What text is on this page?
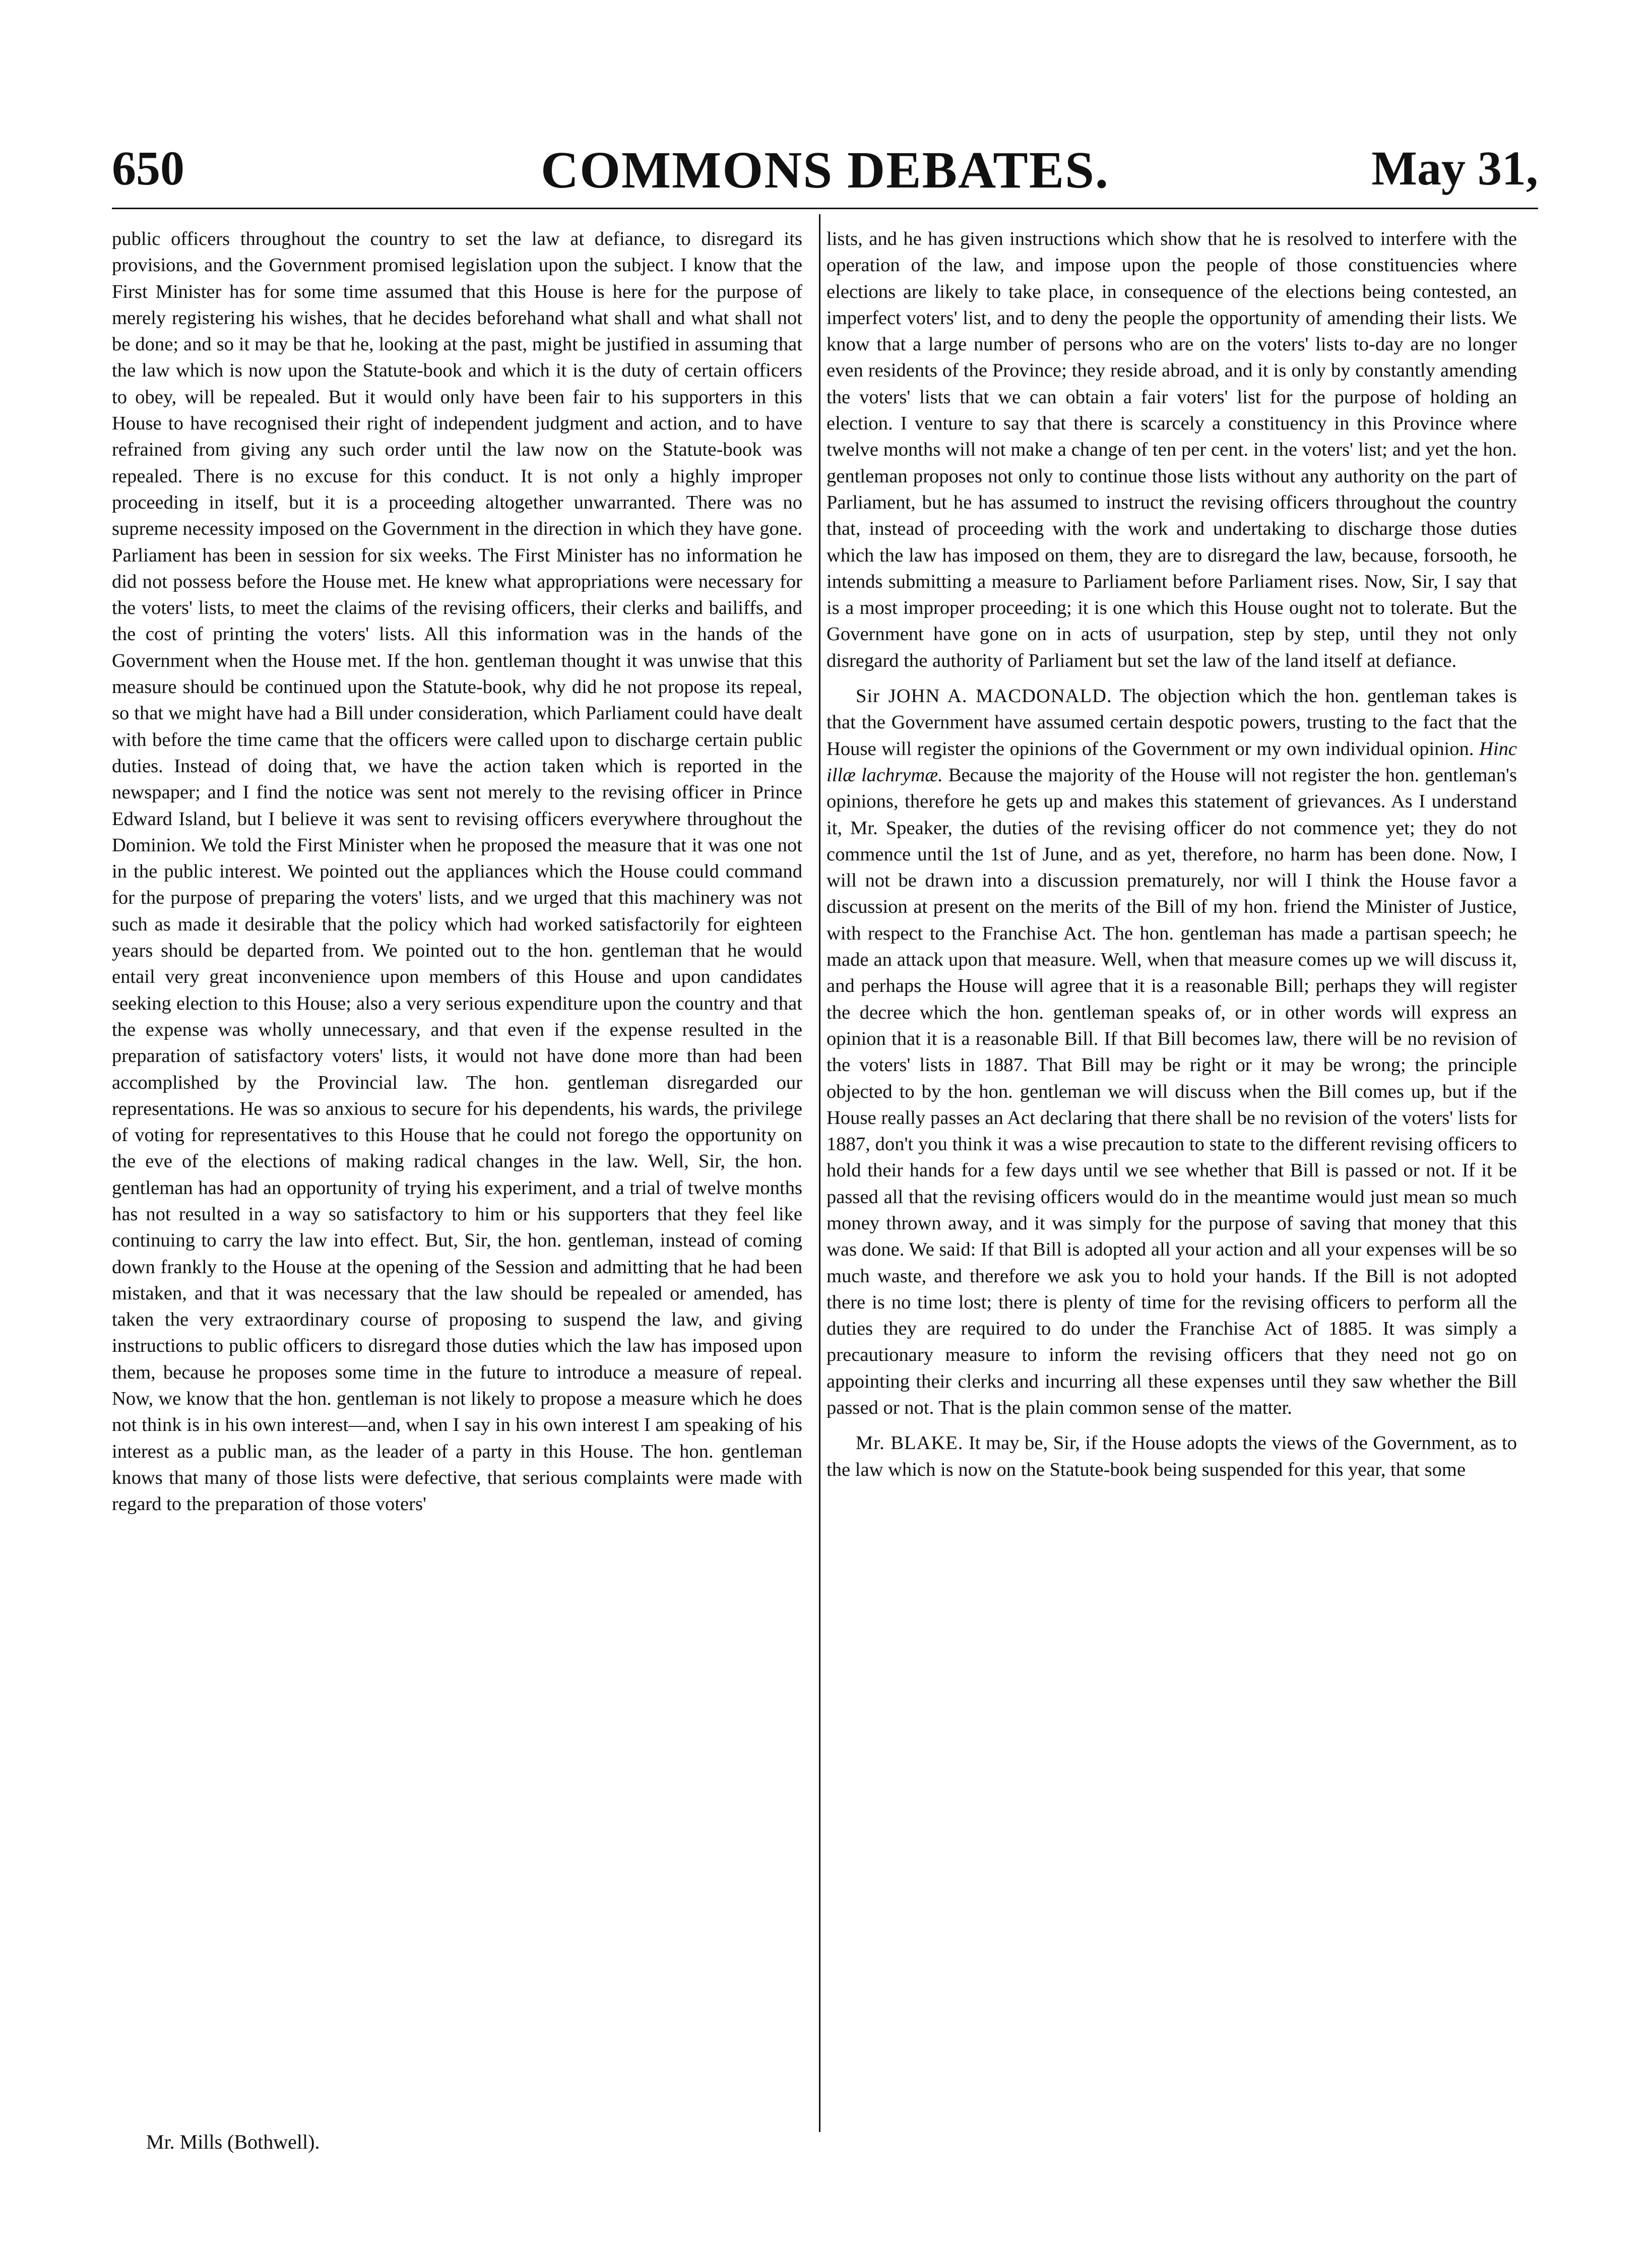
650	COMMONS DEBATES.	May 31,

public officers throughout the country to set the law at defiance, to disregard its provisions, and the Government promised legislation upon the subject. I know that the First Minister has for some time assumed that this House is here for the purpose of merely registering his wishes, that he decides beforehand what shall and what shall not be done; and so it may be that he, looking at the past, might be justified in assuming that the law which is now upon the Statute-book and which it is the duty of certain officers to obey, will be repealed. But it would only have been fair to his supporters in this House to have recognised their right of independent judgment and action, and to have refrained from giving any such order until the law now on the Statute-book was repealed. There is no excuse for this conduct. It is not only a highly improper proceeding in itself, but it is a proceeding altogether unwarranted. There was no supreme necessity imposed on the Government in the direction in which they have gone. Parliament has been in session for six weeks. The First Minister has no information he did not possess before the House met. He knew what appropriations were necessary for the voters' lists, to meet the claims of the revising officers, their clerks and bailiffs, and the cost of printing the voters' lists. All this information was in the hands of the Government when the House met. If the hon. gentleman thought it was unwise that this measure should be continued upon the Statute-book, why did he not propose its repeal, so that we might have had a Bill under consideration, which Parliament could have dealt with before the time came that the officers were called upon to discharge certain public duties. Instead of doing that, we have the action taken which is reported in the newspaper; and I find the notice was sent not merely to the revising officer in Prince Edward Island, but I believe it was sent to revising officers everywhere throughout the Dominion. We told the First Minister when he proposed the measure that it was one not in the public interest. We pointed out the appliances which the House could command for the purpose of preparing the voters' lists, and we urged that this machinery was not such as made it desirable that the policy which had worked satisfactorily for eighteen years should be departed from. We pointed out to the hon. gentleman that he would entail very great inconvenience upon members of this House and upon candidates seeking election to this House; also a very serious expenditure upon the country and that the expense was wholly unnecessary, and that even if the expense resulted in the preparation of satisfactory voters' lists, it would not have done more than had been accomplished by the Provincial law. The hon. gentleman disregarded our representations. He was so anxious to secure for his dependents, his wards, the privilege of voting for representatives to this House that he could not forego the opportunity on the eve of the elections of making radical changes in the law. Well, Sir, the hon. gentleman has had an opportunity of trying his experiment, and a trial of twelve months has not resulted in a way so satisfactory to him or his supporters that they feel like continuing to carry the law into effect. But, Sir, the hon. gentleman, instead of coming down frankly to the House at the opening of the Session and admitting that he had been mistaken, and that it was necessary that the law should be repealed or amended, has taken the very extraordinary course of proposing to suspend the law, and giving instructions to public officers to disregard those duties which the law has imposed upon them, because he proposes some time in the future to introduce a measure of repeal. Now, we know that the hon. gentleman is not likely to propose a measure which he does not think is in his own interest—and, when I say in his own interest I am speaking of his interest as a public man, as the leader of a party in this House. The hon. gentleman knows that many of those lists were defective, that serious complaints were made with regard to the preparation of those voters'

lists, and he has given instructions which show that he is resolved to interfere with the operation of the law, and impose upon the people of those constituencies where elections are likely to take place, in consequence of the elections being contested, an imperfect voters' list, and to deny the people the opportunity of amending their lists. We know that a large number of persons who are on the voters' lists to-day are no longer even residents of the Province; they reside abroad, and it is only by constantly amending the voters' lists that we can obtain a fair voters' list for the purpose of holding an election. I venture to say that there is scarcely a constituency in this Province where twelve months will not make a change of ten per cent. in the voters' list; and yet the hon. gentleman proposes not only to continue those lists without any authority on the part of Parliament, but he has assumed to instruct the revising officers throughout the country that, instead of proceeding with the work and undertaking to discharge those duties which the law has imposed on them, they are to disregard the law, because, forsooth, he intends submitting a measure to Parliament before Parliament rises. Now, Sir, I say that is a most improper proceeding; it is one which this House ought not to tolerate. But the Government have gone on in acts of usurpation, step by step, until they not only disregard the authority of Parliament but set the law of the land itself at defiance.

Sir JOHN A. MACDONALD. The objection which the hon. gentleman takes is that the Government have assumed certain despotic powers, trusting to the fact that the House will register the opinions of the Government or my own individual opinion. Hinc illæ lachrymæ. Because the majority of the House will not register the hon. gentleman's opinions, therefore he gets up and makes this statement of grievances. As I understand it, Mr. Speaker, the duties of the revising officer do not commence yet; they do not commence until the 1st of June, and as yet, therefore, no harm has been done. Now, I will not be drawn into a discussion prematurely, nor will I think the House favor a discussion at present on the merits of the Bill of my hon. friend the Minister of Justice, with respect to the Franchise Act. The hon. gentleman has made a partisan speech; he made an attack upon that measure. Well, when that measure comes up we will discuss it, and perhaps the House will agree that it is a reasonable Bill; perhaps they will register the decree which the hon. gentleman speaks of, or in other words will express an opinion that it is a reasonable Bill. If that Bill becomes law, there will be no revision of the voters' lists in 1887. That Bill may be right or it may be wrong; the principle objected to by the hon. gentleman we will discuss when the Bill comes up, but if the House really passes an Act declaring that there shall be no revision of the voters' lists for 1887, don't you think it was a wise precaution to state to the different revising officers to hold their hands for a few days until we see whether that Bill is passed or not. If it be passed all that the revising officers would do in the meantime would just mean so much money thrown away, and it was simply for the purpose of saving that money that this was done. We said: If that Bill is adopted all your action and all your expenses will be so much waste, and therefore we ask you to hold your hands. If the Bill is not adopted there is no time lost; there is plenty of time for the revising officers to perform all the duties they are required to do under the Franchise Act of 1885. It was simply a precautionary measure to inform the revising officers that they need not go on appointing their clerks and incurring all these expenses until they saw whether the Bill passed or not. That is the plain common sense of the matter.

Mr. BLAKE. It may be, Sir, if the House adopts the views of the Government, as to the law which is now on the Statute-book being suspended for this year, that some

Mr. Mills (Bothwell).
